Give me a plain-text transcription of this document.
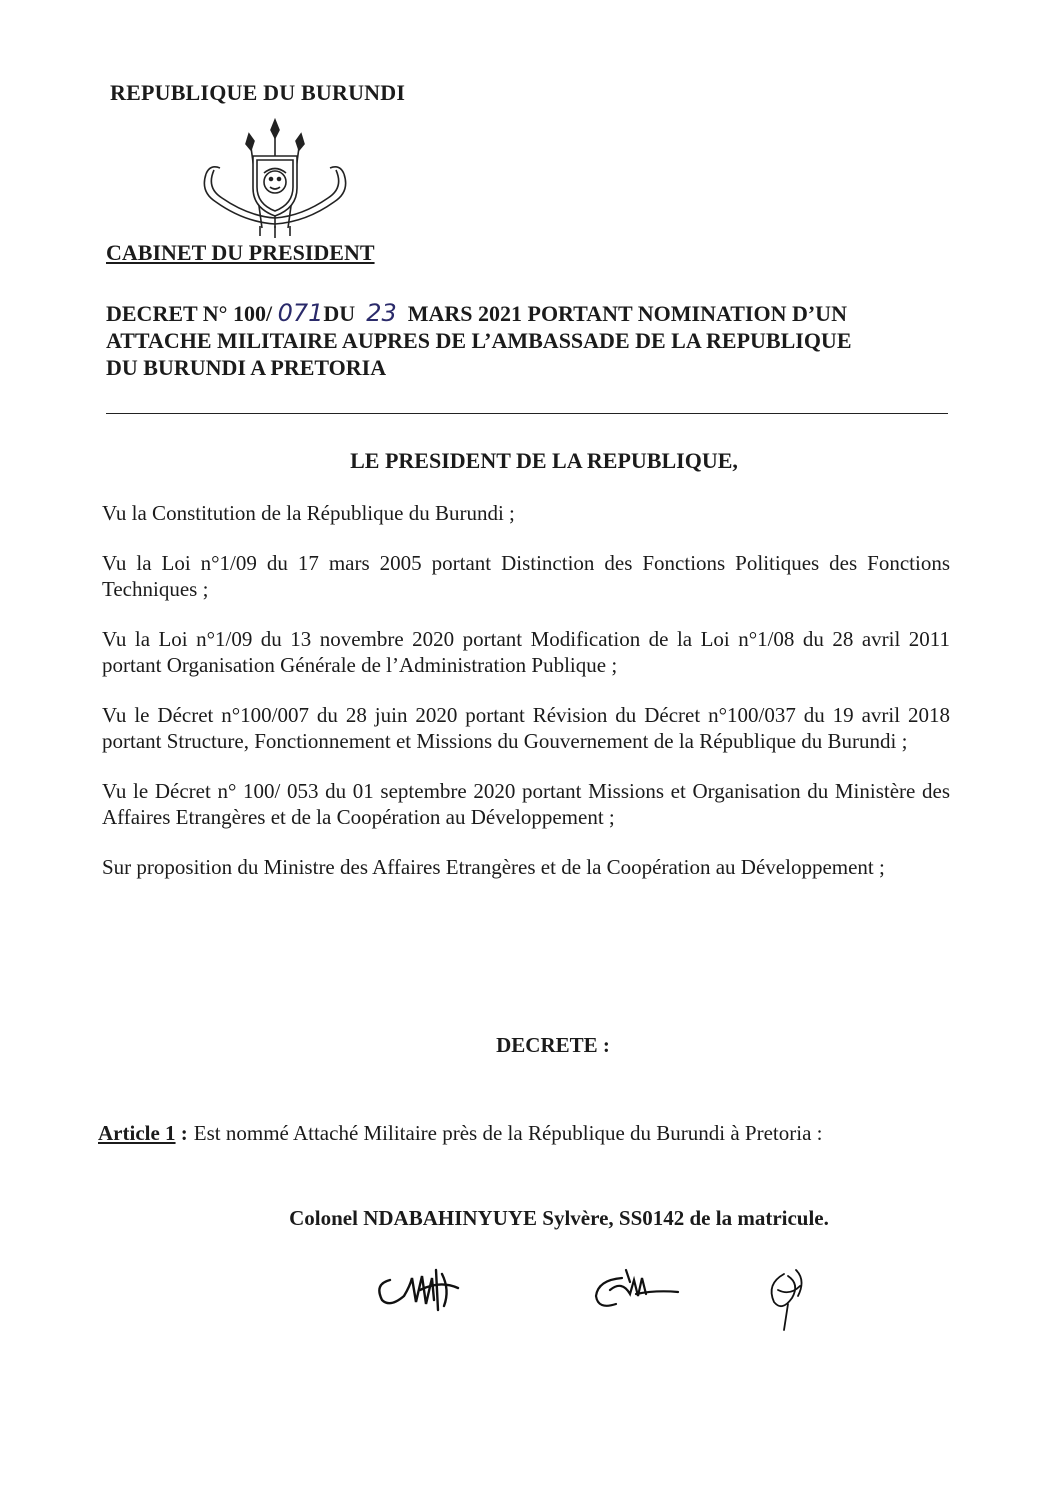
REPUBLIQUE DU BURUNDI
CABINET DU PRESIDENT
DECRET N° 100/ 071DU 23 MARS 2021 PORTANT NOMINATION D’UN
ATTACHE MILITAIRE AUPRES DE L’AMBASSADE DE LA REPUBLIQUE
DU BURUNDI A PRETORIA
LE PRESIDENT DE LA REPUBLIQUE,

Vu la Constitution de la République du Burundi ;

Vu la Loi n°1/09 du 17 mars 2005 portant Distinction des Fonctions Politiques des Fonctions Techniques ;

Vu la Loi n°1/09 du 13 novembre 2020 portant Modification de la Loi n°1/08 du 28 avril 2011 portant Organisation Générale de l’Administration Publique ;

Vu le Décret n°100/007 du 28 juin 2020 portant Révision du Décret n°100/037 du 19 avril 2018 portant Structure, Fonctionnement et Missions du Gouvernement de la République du Burundi ;

Vu le Décret n° 100/ 053 du 01 septembre 2020 portant Missions et Organisation du Ministère des Affaires Etrangères et de la Coopération au Développement ;

Sur proposition du Ministre des Affaires Etrangères et de la Coopération au Développement ;

DECRETE :
Article 1 : Est nommé Attaché Militaire près de la République du Burundi à Pretoria :
Colonel NDABAHINYUYE Sylvère, SS0142 de la matricule.
